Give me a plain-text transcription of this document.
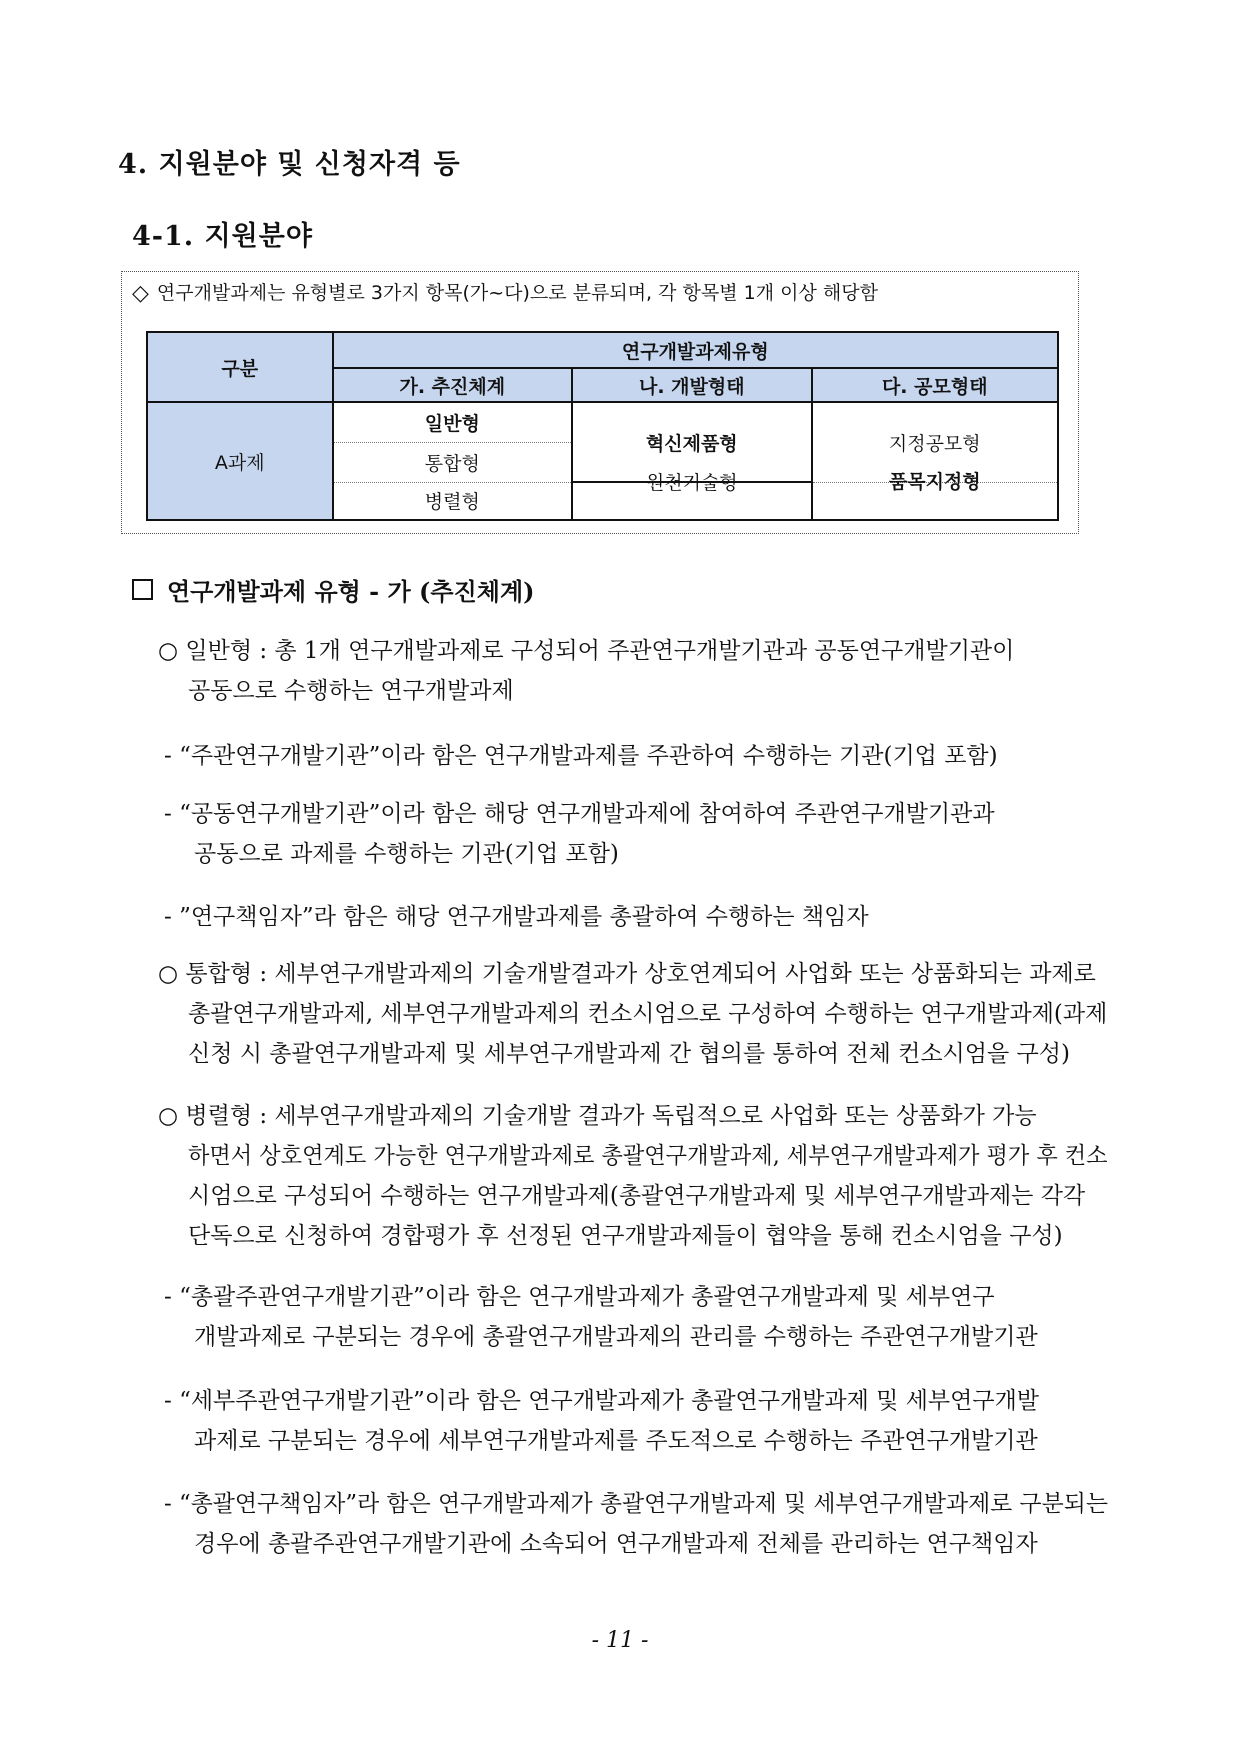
4. 지원분야 및 신청자격 등
4-1. 지원분야
◇ 연구개발과제는 유형별로 3가지 항목(가~다)으로 분류되며, 각 항목별 1개 이상 해당함
구분	연구개발과제유형		
	가. 추진체계	나. 개발형태	다. 공모형태
A과제	일반형	혁신제품형	지정공모형
	통합형		
	병렬형	원천기술형	품목지정형
연구개발과제 유형 - 가 (추진체계)
○ 일반형 : 총 1개 연구개발과제로 구성되어 주관연구개발기관과 공동연구개발기관이
공동으로 수행하는 연구개발과제
- “주관연구개발기관”이라 함은 연구개발과제를 주관하여 수행하는 기관(기업 포함)
- “공동연구개발기관”이라 함은 해당 연구개발과제에 참여하여 주관연구개발기관과
공동으로 과제를 수행하는 기관(기업 포함)
- ”연구책임자”라 함은 해당 연구개발과제를 총괄하여 수행하는 책임자
○ 통합형 : 세부연구개발과제의 기술개발결과가 상호연계되어 사업화 또는 상품화되는 과제로
총괄연구개발과제, 세부연구개발과제의 컨소시엄으로 구성하여 수행하는 연구개발과제(과제
신청 시 총괄연구개발과제 및 세부연구개발과제 간 협의를 통하여 전체 컨소시엄을 구성)
○ 병렬형 : 세부연구개발과제의 기술개발 결과가 독립적으로 사업화 또는 상품화가 가능
하면서 상호연계도 가능한 연구개발과제로 총괄연구개발과제, 세부연구개발과제가 평가 후 컨소
시엄으로 구성되어 수행하는 연구개발과제(총괄연구개발과제 및 세부연구개발과제는 각각
단독으로 신청하여 경합평가 후 선정된 연구개발과제들이 협약을 통해 컨소시엄을 구성)
- “총괄주관연구개발기관”이라 함은 연구개발과제가 총괄연구개발과제 및 세부연구
개발과제로 구분되는 경우에 총괄연구개발과제의 관리를 수행하는 주관연구개발기관
- “세부주관연구개발기관”이라 함은 연구개발과제가 총괄연구개발과제 및 세부연구개발
과제로 구분되는 경우에 세부연구개발과제를 주도적으로 수행하는 주관연구개발기관
- “총괄연구책임자”라 함은 연구개발과제가 총괄연구개발과제 및 세부연구개발과제로 구분되는
경우에 총괄주관연구개발기관에 소속되어 연구개발과제 전체를 관리하는 연구책임자
- 11 -
